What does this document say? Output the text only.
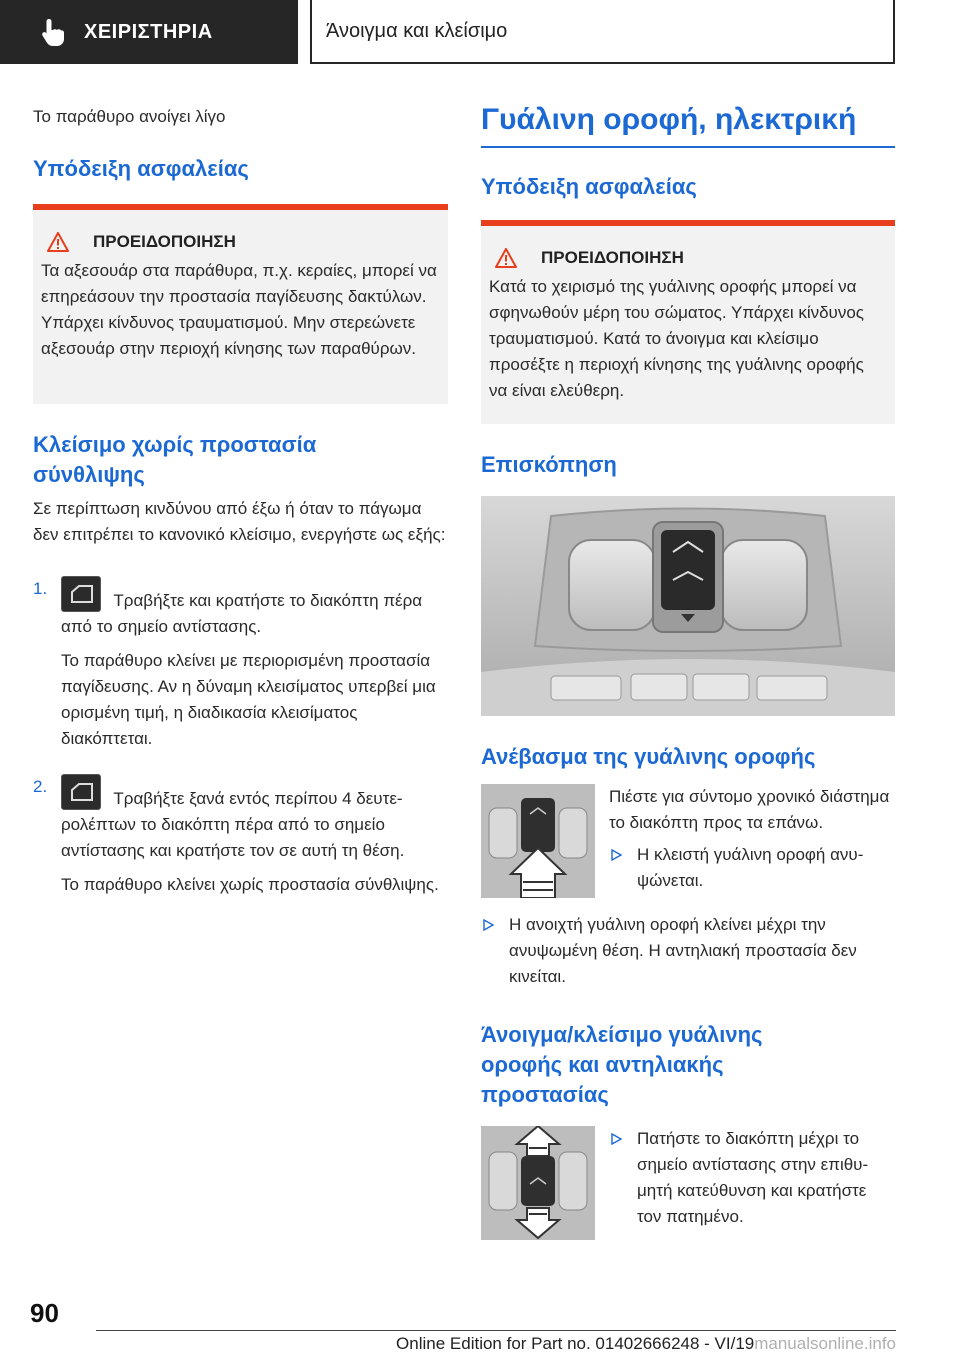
ΧΕΙΡΙΣΤΗΡΙΑ	Άνοιγμα και κλείσιμο
Το παράθυρο ανοίγει λίγο
Υπόδειξη ασφαλείας
ΠΡΟΕΙΔΟΠΟΙΗΣΗ
Τα αξεσουάρ στα παράθυρα, π.χ. κεραίες, μπορεί να επηρεάσουν την προστασία παγίδευσης δακτύλων. Υπάρχει κίνδυνος τραυματισμού. Μην στερεώνετε αξεσουάρ στην περιοχή κίνησης των παραθύρων.
Κλείσιμο χωρίς προστασία σύνθλιψης
Σε περίπτωση κινδύνου από έξω ή όταν το πάγωμα δεν επιτρέπει το κανονικό κλείσιμο, ενεργήστε ως εξής:
1.
Τραβήξτε και κρατήστε το διακόπτη πέρα από το σημείο αντίστασης.
Το παράθυρο κλείνει με περιορισμένη προστασία παγίδευσης. Αν η δύναμη κλεισίματος υπερβεί μια ορισμένη τιμή, η διαδικασία κλεισίματος διακόπτεται.
2.
Τραβήξτε ξανά εντός περίπου 4 δευτερολέπτων το διακόπτη πέρα από το σημείο αντίστασης και κρατήστε τον σε αυτή τη θέση.
Το παράθυρο κλείνει χωρίς προστασία σύνθλιψης.
Γυάλινη οροφή, ηλεκτρική
Υπόδειξη ασφαλείας
ΠΡΟΕΙΔΟΠΟΙΗΣΗ
Κατά το χειρισμό της γυάλινης οροφής μπορεί να σφηνωθούν μέρη του σώματος. Υπάρχει κίνδυνος τραυματισμού. Κατά το άνοιγμα και κλείσιμο προσέξτε η περιοχή κίνησης της γυάλινης οροφής να είναι ελεύθερη.
Επισκόπηση
Ανέβασμα της γυάλινης οροφής
Πιέστε για σύντομο χρονικό διάστημα το διακόπτη προς τα επάνω.
Η κλειστή γυάλινη οροφή ανυψώνεται.
Η ανοιχτή γυάλινη οροφή κλείνει μέχρι την ανυψωμένη θέση. Η αντηλιακή προστασία δεν κινείται.
Άνοιγμα/κλείσιμο γυάλινης οροφής και αντηλιακής προστασίας
Πατήστε το διακόπτη μέχρι το σημείο αντίστασης στην επιθυμητή κατεύθυνση και κρατήστε τον πατημένο.
90
Online Edition for Part no. 01402666248 - VI/19manualsonline.info
